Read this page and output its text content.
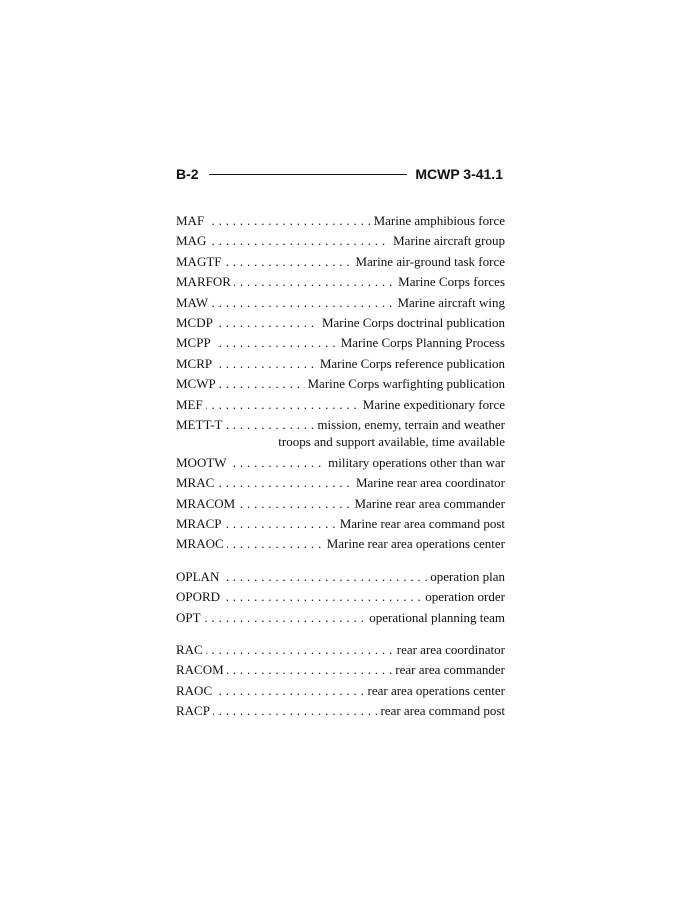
B-2	MCWP 3-41.1
. . .
MAF	Marine amphibious force
. . .
MAG	Marine aircraft group
. . .
MAGTF	Marine air-ground task force
. . .
MARFOR	Marine Corps forces
. . .
MAW	Marine aircraft wing
. . .
MCDP	Marine Corps doctrinal publication
. . .
MCPP	Marine Corps Planning Process
. . .
MCRP	Marine Corps reference publication
. . .
MCWP	Marine Corps warfighting publication
. . .
MEF	Marine expeditionary force
. . .
METT-T	mission, enemy, terrain and weather
troops and support available, time available
. . .
MOOTW	military operations other than war
. . .
MRAC	Marine rear area coordinator
. . .
MRACOM	Marine rear area commander
. . .
MRACP	Marine rear area command post
. . .
MRAOC	Marine rear area operations center
. . .
OPLAN	operation plan
. . .
OPORD	operation order
. . .
OPT	operational planning team
. . .
RAC	rear area coordinator
. . .
RACOM	rear area commander
. . .
RAOC	rear area operations center
. . .
RACP	rear area command post
